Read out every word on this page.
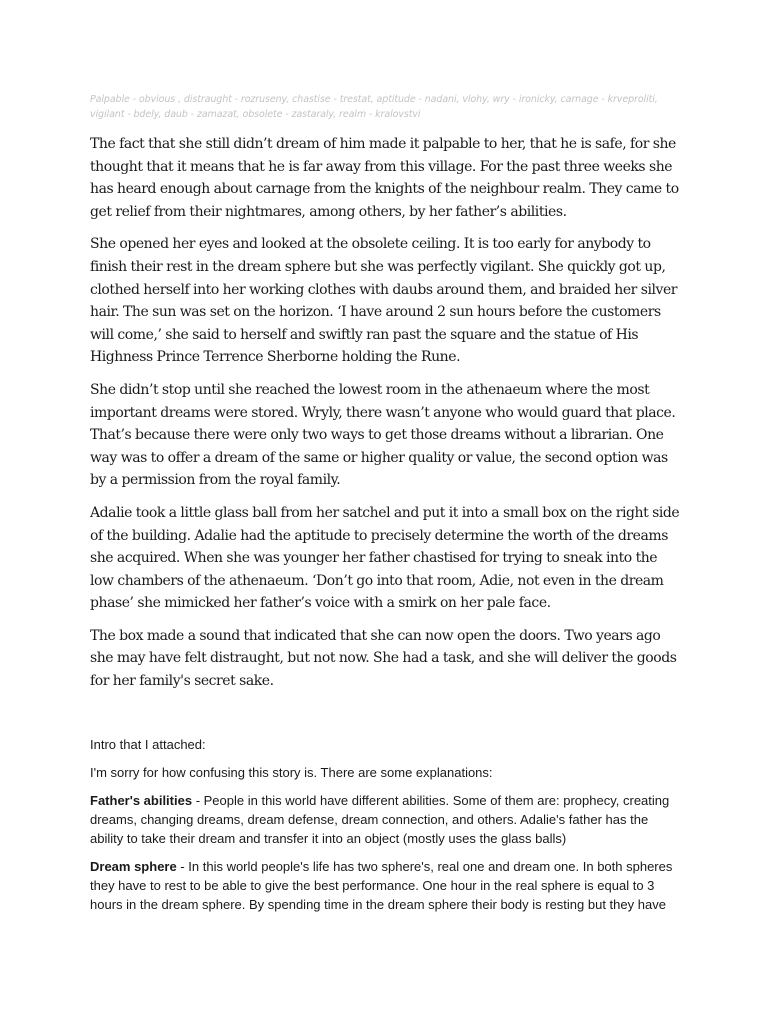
Palpable - obvious , distraught - rozruseny, chastise - trestat, aptitude - nadani, vlohy, wry - ironicky, carnage - krveproliti, vigilant - bdely, daub - zamazat, obsolete - zastaraly, realm - kralovstvi

The fact that she still didn’t dream of him made it palpable to her, that he is safe, for she thought that it means that he is far away from this village. For the past three weeks she has heard enough about carnage from the knights of the neighbour realm. They came to get relief from their nightmares, among others, by her father’s abilities.

She opened her eyes and looked at the obsolete ceiling. It is too early for anybody to finish their rest in the dream sphere but she was perfectly vigilant. She quickly got up, clothed herself into her working clothes with daubs around them, and braided her silver hair. The sun was set on the horizon. ‘I have around 2 sun hours before the customers will come,’ she said to herself and swiftly ran past the square and the statue of His Highness Prince Terrence Sherborne holding the Rune.

She didn’t stop until she reached the lowest room in the athenaeum where the most important dreams were stored. Wryly, there wasn’t anyone who would guard that place. That’s because there were only two ways to get those dreams without a librarian. One way was to offer a dream of the same or higher quality or value, the second option was by a permission from the royal family.

Adalie took a little glass ball from her satchel and put it into a small box on the right side of the building. Adalie had the aptitude to precisely determine the worth of the dreams she acquired. When she was younger her father chastised for trying to sneak into the low chambers of the athenaeum. ‘Don’t go into that room, Adie, not even in the dream phase’ she mimicked her father’s voice with a smirk on her pale face.

The box made a sound that indicated that she can now open the doors. Two years ago she may have felt distraught, but not now. She had a task, and she will deliver the goods for her family's secret sake.

Intro that I attached:

I'm sorry for how confusing this story is. There are some explanations:

Father's abilities - People in this world have different abilities. Some of them are: prophecy, creating dreams, changing dreams, dream defense, dream connection, and others. Adalie's father has the ability to take their dream and transfer it into an object (mostly uses the glass balls)

Dream sphere - In this world people's life has two sphere's, real one and dream one. In both spheres they have to rest to be able to give the best performance. One hour in the real sphere is equal to 3 hours in the dream sphere. By spending time in the dream sphere their body is resting but they have
